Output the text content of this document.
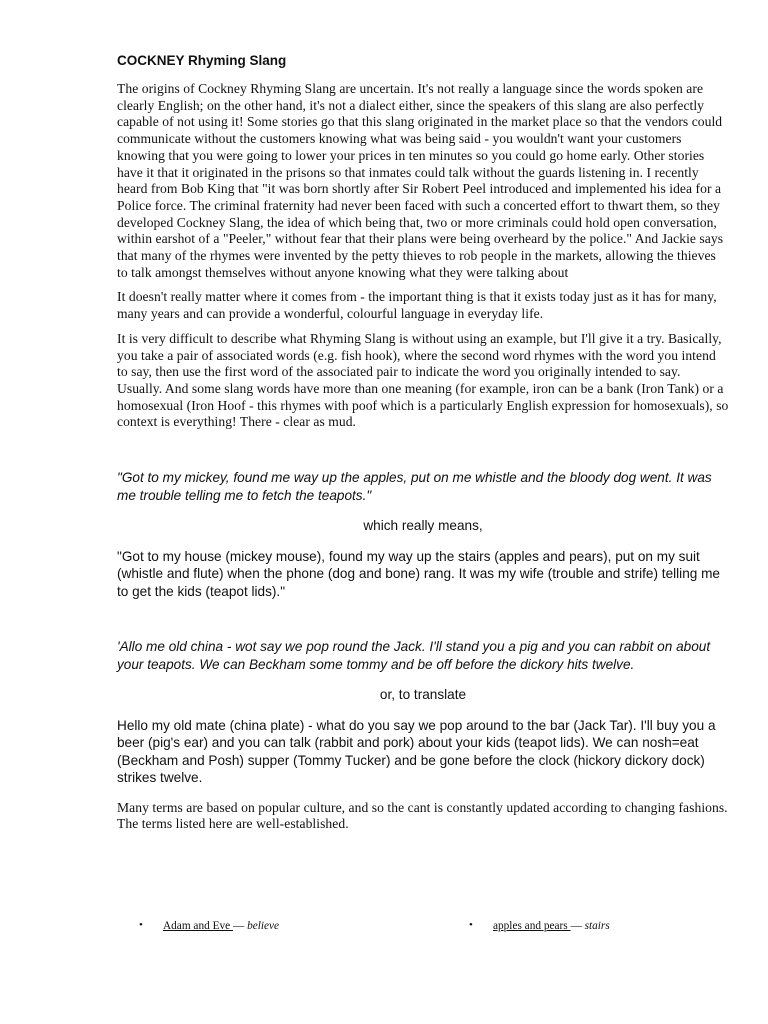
COCKNEY Rhyming Slang

The origins of Cockney Rhyming Slang are uncertain. It's not really a language since the words spoken are clearly English; on the other hand, it's not a dialect either, since the speakers of this slang are also perfectly capable of not using it! Some stories go that this slang originated in the market place so that the vendors could communicate without the customers knowing what was being said - you wouldn't want your customers knowing that you were going to lower your prices in ten minutes so you could go home early. Other stories have it that it originated in the prisons so that inmates could talk without the guards listening in. I recently heard from Bob King that "it was born shortly after Sir Robert Peel introduced and implemented his idea for a Police force. The criminal fraternity had never been faced with such a concerted effort to thwart them, so they developed Cockney Slang, the idea of which being that, two or more criminals could hold open conversation, within earshot of a "Peeler," without fear that their plans were being overheard by the police." And Jackie says that many of the rhymes were invented by the petty thieves to rob people in the markets, allowing the thieves to talk amongst themselves without anyone knowing what they were talking about

It doesn't really matter where it comes from - the important thing is that it exists today just as it has for many, many years and can provide a wonderful, colourful language in everyday life.

It is very difficult to describe what Rhyming Slang is without using an example, but I'll give it a try. Basically, you take a pair of associated words (e.g. fish hook), where the second word rhymes with the word you intend to say, then use the first word of the associated pair to indicate the word you originally intended to say. Usually. And some slang words have more than one meaning (for example, iron can be a bank (Iron Tank) or a homosexual (Iron Hoof - this rhymes with poof which is a particularly English expression for homosexuals), so context is everything! There - clear as mud.

"Got to my mickey, found me way up the apples, put on me whistle and the bloody dog went. It was me trouble telling me to fetch the teapots."

which really means,

"Got to my house (mickey mouse), found my way up the stairs (apples and pears), put on my suit (whistle and flute) when the phone (dog and bone) rang. It was my wife (trouble and strife) telling me to get the kids (teapot lids)."

'Allo me old china - wot say we pop round the Jack. I'll stand you a pig and you can rabbit on about your teapots. We can Beckham some tommy and be off before the dickory hits twelve.

or, to translate

Hello my old mate (china plate) - what do you say we pop around to the bar (Jack Tar). I'll buy you a beer (pig's ear) and you can talk (rabbit and pork) about your kids (teapot lids). We can nosh=eat (Beckham and Posh) supper (Tommy Tucker) and be gone before the clock (hickory dickory dock) strikes twelve.

Many terms are based on popular culture, and so the cant is constantly updated according to changing fashions. The terms listed here are well-established.

• Adam and Eve — believe	• apples and pears — stairs
